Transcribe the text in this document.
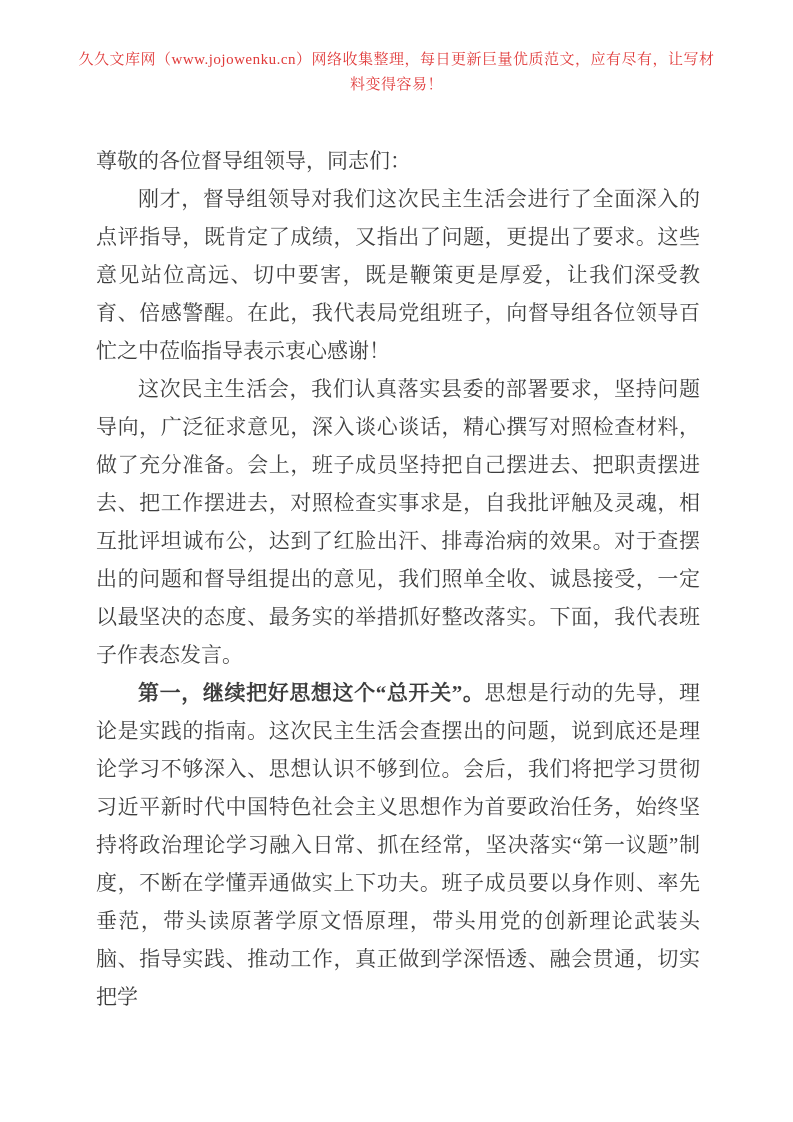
久久文库网（www.jojowenku.cn）网络收集整理，每日更新巨量优质范文，应有尽有，让写材料变得容易！

尊敬的各位督导组领导，同志们：

刚才，督导组领导对我们这次民主生活会进行了全面深入的点评指导，既肯定了成绩，又指出了问题，更提出了要求。这些意见站位高远、切中要害，既是鞭策更是厚爱，让我们深受教育、倍感警醒。在此，我代表局党组班子，向督导组各位领导百忙之中莅临指导表示衷心感谢！

这次民主生活会，我们认真落实县委的部署要求，坚持问题导向，广泛征求意见，深入谈心谈话，精心撰写对照检查材料，做了充分准备。会上，班子成员坚持把自己摆进去、把职责摆进去、把工作摆进去，对照检查实事求是，自我批评触及灵魂，相互批评坦诚布公，达到了红脸出汗、排毒治病的效果。对于查摆出的问题和督导组提出的意见，我们照单全收、诚恳接受，一定以最坚决的态度、最务实的举措抓好整改落实。下面，我代表班子作表态发言。

第一，继续把好思想这个“总开关”。思想是行动的先导，理论是实践的指南。这次民主生活会查摆出的问题，说到底还是理论学习不够深入、思想认识不够到位。会后，我们将把学习贯彻习近平新时代中国特色社会主义思想作为首要政治任务，始终坚持将政治理论学习融入日常、抓在经常，坚决落实“第一议题”制度，不断在学懂弄通做实上下功夫。班子成员要以身作则、率先垂范，带头读原著学原文悟原理，带头用党的创新理论武装头脑、指导实践、推动工作，真正做到学深悟透、融会贯通，切实把学
